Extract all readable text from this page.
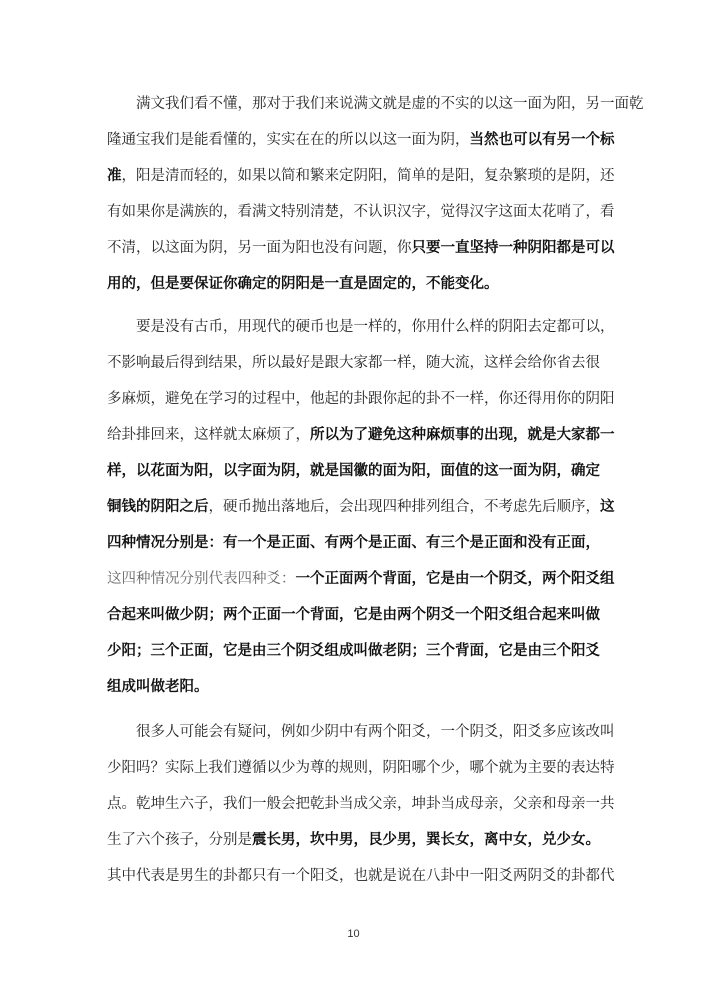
满文我们看不懂，那对于我们来说满文就是虚的不实的以这一面为阳，另一面乾
隆通宝我们是能看懂的，实实在在的所以以这一面为阴，当然也可以有另一个标
准，阳是清而轻的，如果以简和繁来定阴阳，简单的是阳，复杂繁琐的是阴，还
有如果你是满族的，看满文特别清楚，不认识汉字，觉得汉字这面太花哨了，看
不清，以这面为阴，另一面为阳也没有问题，你只要一直坚持一种阴阳都是可以
用的，但是要保证你确定的阴阳是一直是固定的，不能变化。
要是没有古币，用现代的硬币也是一样的，你用什么样的阴阳去定都可以，
不影响最后得到结果，所以最好是跟大家都一样，随大流，这样会给你省去很
多麻烦，避免在学习的过程中，他起的卦跟你起的卦不一样，你还得用你的阴阳
给卦排回来，这样就太麻烦了，所以为了避免这种麻烦事的出现，就是大家都一
样，以花面为阳，以字面为阴，就是国徽的面为阳，面值的这一面为阴，确定
铜钱的阴阳之后，硬币抛出落地后，会出现四种排列组合，不考虑先后顺序，这
四种情况分别是：有一个是正面、有两个是正面、有三个是正面和没有正面，
这四种情况分别代表四种爻：一个正面两个背面，它是由一个阴爻，两个阳爻组
合起来叫做少阴；两个正面一个背面，它是由两个阴爻一个阳爻组合起来叫做
少阳；三个正面，它是由三个阴爻组成叫做老阴；三个背面，它是由三个阳爻
组成叫做老阳。
很多人可能会有疑问，例如少阴中有两个阳爻，一个阴爻，阳爻多应该改叫
少阳吗？实际上我们遵循以少为尊的规则，阴阳哪个少，哪个就为主要的表达特
点。乾坤生六子，我们一般会把乾卦当成父亲，坤卦当成母亲，父亲和母亲一共
生了六个孩子，分别是震长男，坎中男，艮少男，巽长女，离中女，兑少女。
其中代表是男生的卦都只有一个阳爻，也就是说在八卦中一阳爻两阴爻的卦都代
10
